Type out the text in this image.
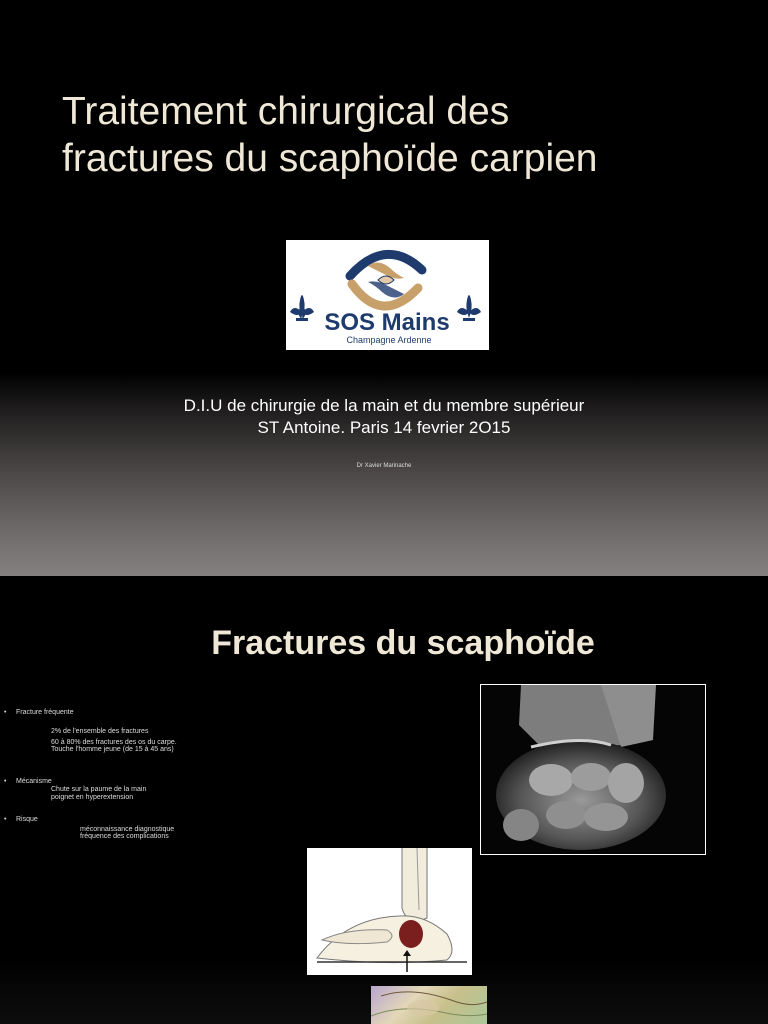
Traitement chirurgical des
fractures du scaphoïde carpien
SOS Mains
Champagne Ardenne
D.I.U de chirurgie de la main et du membre supérieur
ST Antoine. Paris 14 fevrier 2O15
Dr Xavier Marinache
Fractures du scaphoïde
• Fracture fréquente
2% de l'ensemble des fractures
60 à 80% des fractures des os du carpe.
Touche l'homme jeune (de 15 à 45 ans)
• Mécanisme
Chute sur la paume de la main
poignet en hyperextension
• Risque
méconnaissance diagnostique
fréquence des complications
